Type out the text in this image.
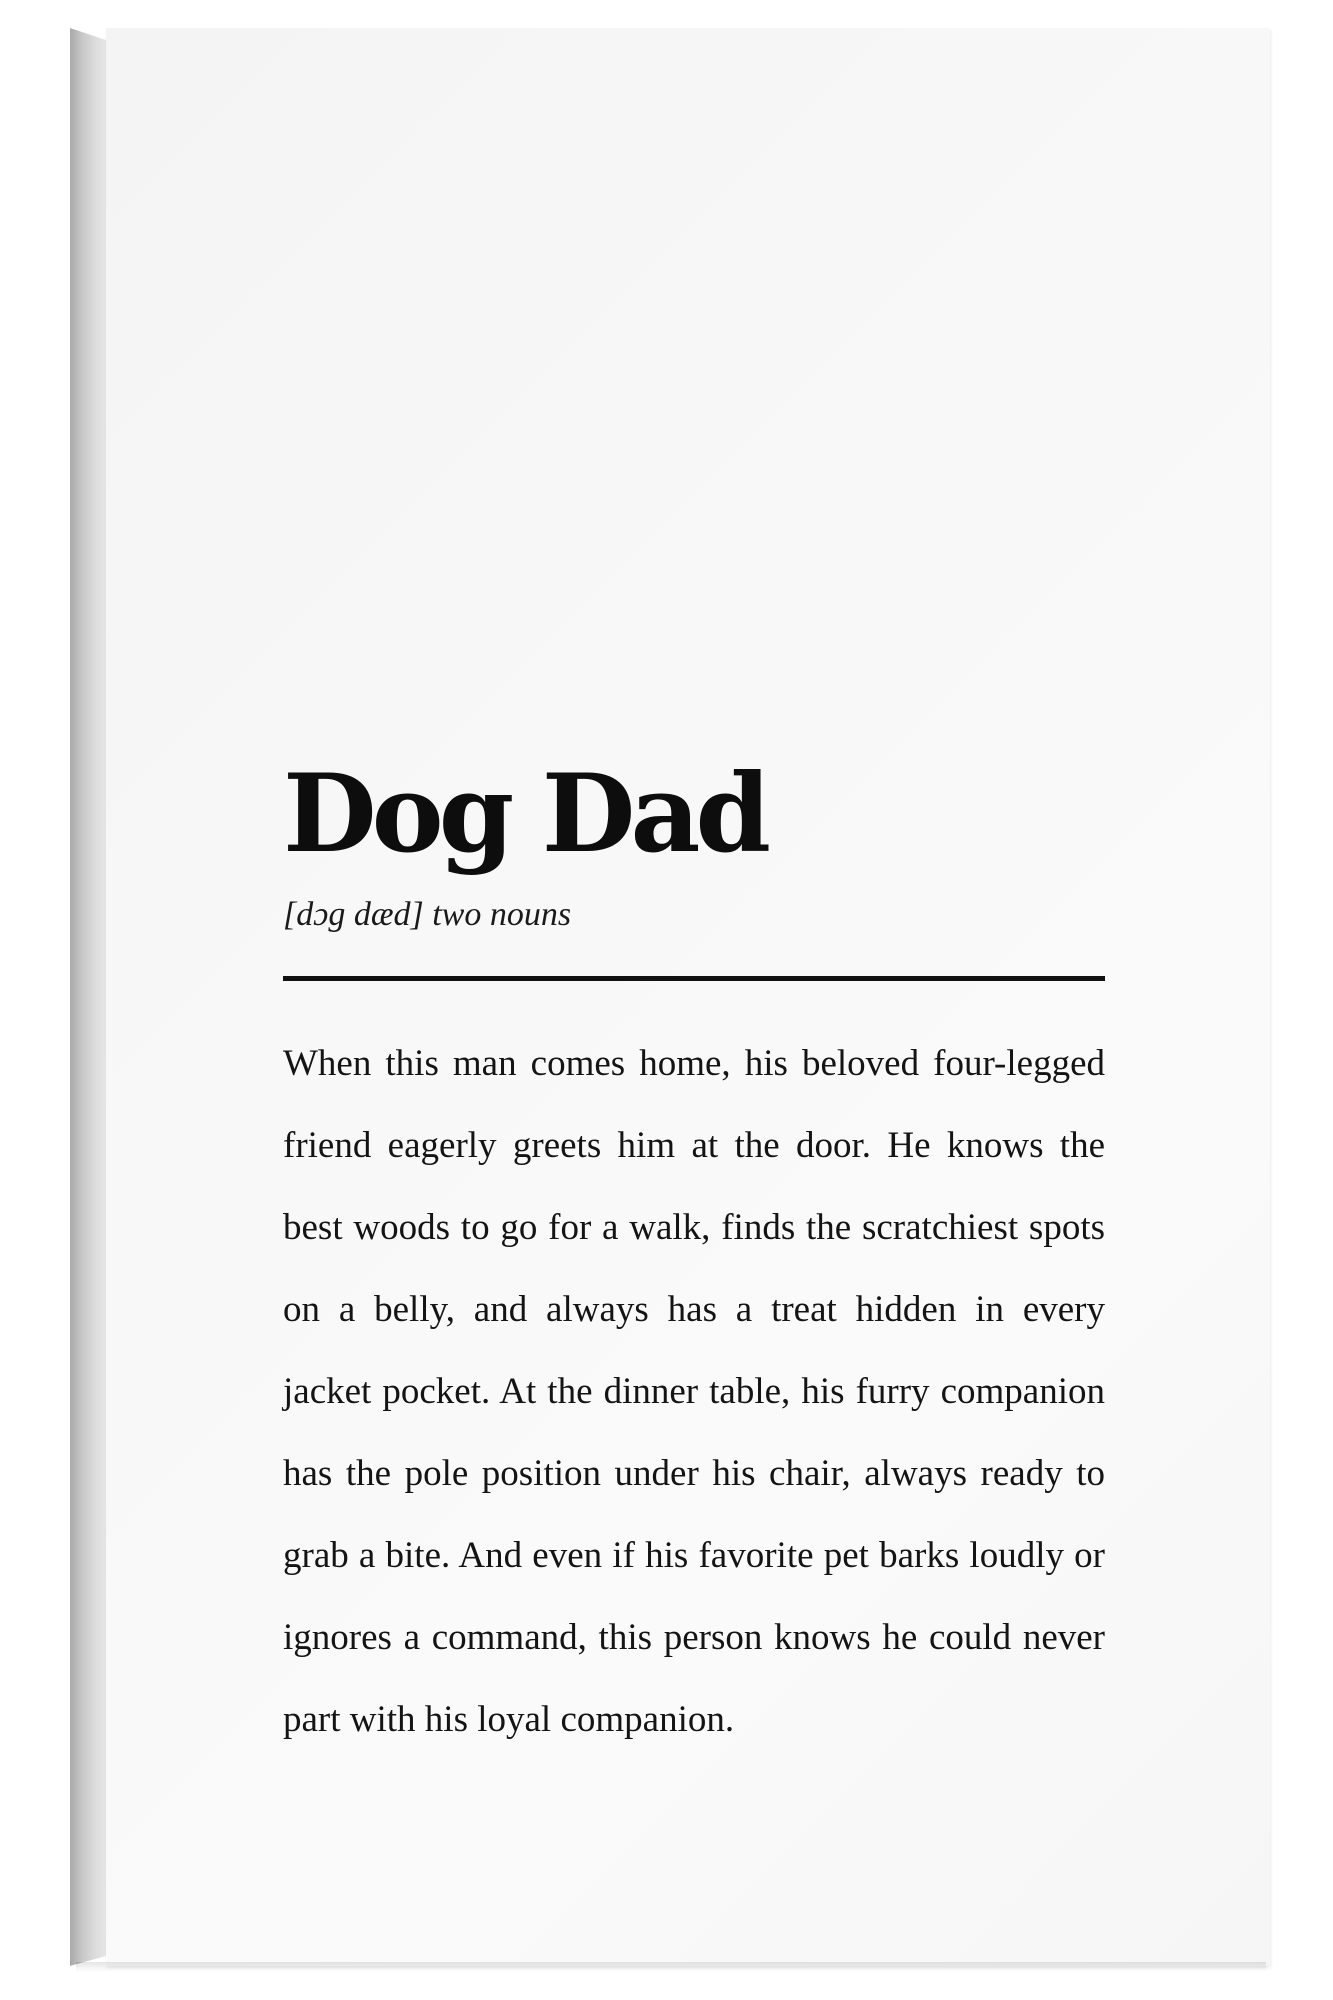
Dog Dad
[dɔg dæd] two nouns
When this man comes home, his beloved four-legged friend eagerly greets him at the door. He knows the best woods to go for a walk, finds the scratchiest spots on a belly, and always has a treat hidden in every jacket pocket. At the dinner table, his furry companion has the pole position under his chair, always ready to grab a bite. And even if his favorite pet barks loudly or ignores a command, this person knows he could never part with his loyal companion.
